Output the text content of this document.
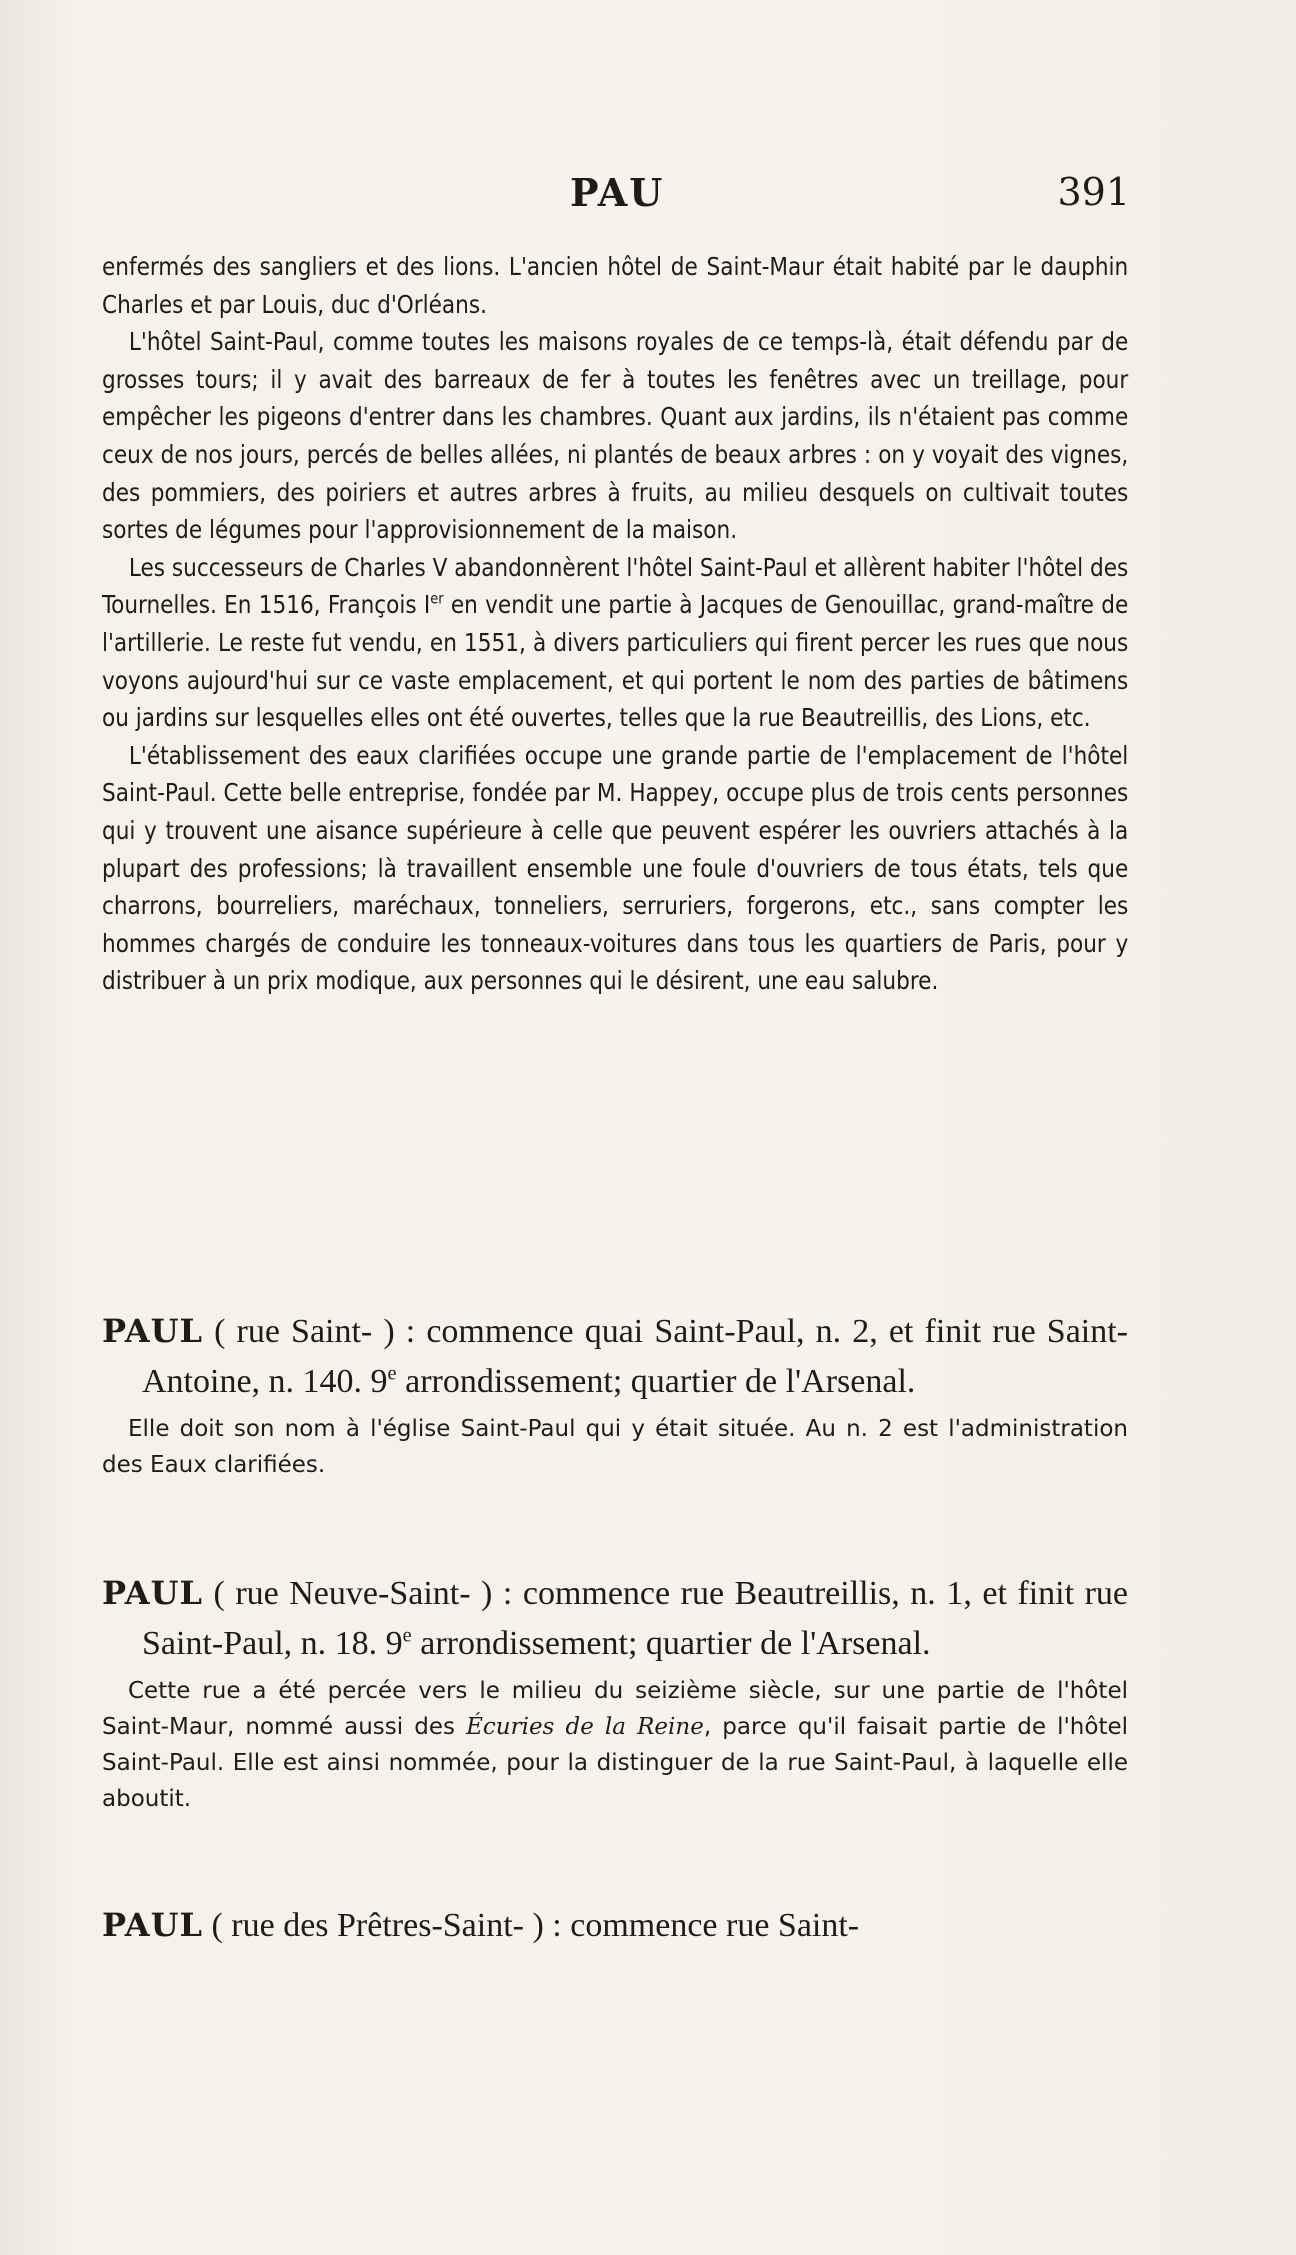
PAU	391

enfermés des sangliers et des lions. L'ancien hôtel de Saint-Maur était habité par le dauphin Charles et par Louis, duc d'Orléans.

L'hôtel Saint-Paul, comme toutes les maisons royales de ce temps-là, était défendu par de grosses tours; il y avait des barreaux de fer à toutes les fenêtres avec un treillage, pour empêcher les pigeons d'entrer dans les chambres. Quant aux jardins, ils n'étaient pas comme ceux de nos jours, percés de belles allées, ni plantés de beaux arbres : on y voyait des vignes, des pommiers, des poiriers et autres arbres à fruits, au milieu desquels on cultivait toutes sortes de légumes pour l'approvisionnement de la maison.

Les successeurs de Charles V abandonnèrent l'hôtel Saint-Paul et allèrent habiter l'hôtel des Tournelles. En 1516, François Ier en vendit une partie à Jacques de Genouillac, grand-maître de l'artillerie. Le reste fut vendu, en 1551, à divers particuliers qui firent percer les rues que nous voyons aujourd'hui sur ce vaste emplacement, et qui portent le nom des parties de bâtimens ou jardins sur lesquelles elles ont été ouvertes, telles que la rue Beautreillis, des Lions, etc.

L'établissement des eaux clarifiées occupe une grande partie de l'emplacement de l'hôtel Saint-Paul. Cette belle entreprise, fondée par M. Happey, occupe plus de trois cents personnes qui y trouvent une aisance supérieure à celle que peuvent espérer les ouvriers attachés à la plupart des professions; là travaillent ensemble une foule d'ouvriers de tous états, tels que charrons, bourreliers, maréchaux, tonneliers, serruriers, forgerons, etc., sans compter les hommes chargés de conduire les tonneaux-voitures dans tous les quartiers de Paris, pour y distribuer à un prix modique, aux personnes qui le désirent, une eau salubre.

PAUL ( rue Saint- ) : commence quai Saint-Paul, n. 2, et finit rue Saint-Antoine, n. 140. 9e arrondissement; quartier de l'Arsenal.

Elle doit son nom à l'église Saint-Paul qui y était située. Au n. 2 est l'administration des Eaux clarifiées.

PAUL ( rue Neuve-Saint- ) : commence rue Beautreillis, n. 1, et finit rue Saint-Paul, n. 18. 9e arrondissement; quartier de l'Arsenal.

Cette rue a été percée vers le milieu du seizième siècle, sur une partie de l'hôtel Saint-Maur, nommé aussi des Écuries de la Reine, parce qu'il faisait partie de l'hôtel Saint-Paul. Elle est ainsi nommée, pour la distinguer de la rue Saint-Paul, à laquelle elle aboutit.

PAUL ( rue des Prêtres-Saint- ) : commence rue Saint-
